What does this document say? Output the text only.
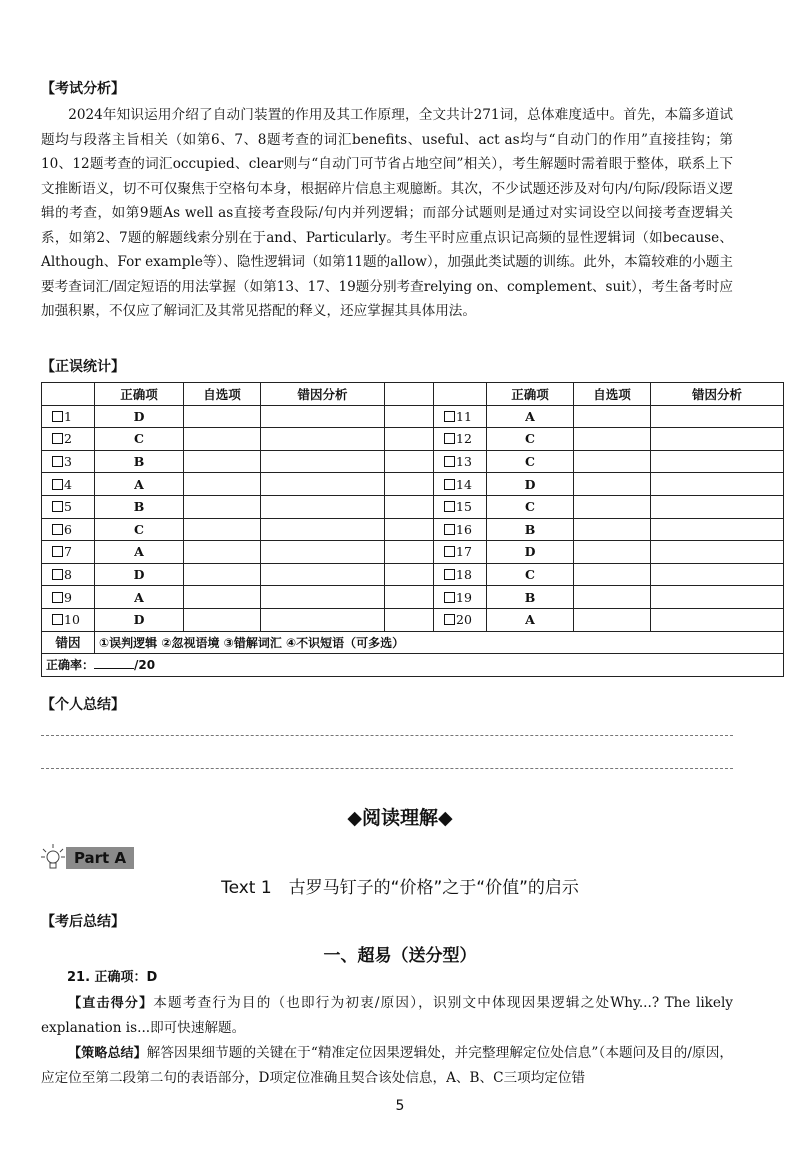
【考试分析】

2024年知识运用介绍了自动门装置的作用及其工作原理，全文共计271词，总体难度适中。首先，本篇多道试题均与段落主旨相关（如第6、7、8题考查的词汇benefits、useful、act as均与“自动门的作用”直接挂钩；第10、12题考查的词汇occupied、clear则与“自动门可节省占地空间”相关），考生解题时需着眼于整体，联系上下文推断语义，切不可仅聚焦于空格句本身，根据碎片信息主观臆断。其次，不少试题还涉及对句内/句际/段际语义逻辑的考查，如第9题As well as直接考查段际/句内并列逻辑；而部分试题则是通过对实词设空以间接考查逻辑关系，如第2、7题的解题线索分别在于and、Particularly。考生平时应重点识记高频的显性逻辑词（如because、Although、For example等）、隐性逻辑词（如第11题的allow），加强此类试题的训练。此外，本篇较难的小题主要考查词汇/固定短语的用法掌握（如第13、17、19题分别考查relying on、complement、suit），考生备考时应加强积累，不仅应了解词汇及其常见搭配的释义，还应掌握其具体用法。

【正误统计】
	正确项	自选项	错因分析			正确项	自选项	错因分析
1	D				11	A		
2	C				12	C		
3	B				13	C		
4	A				14	D		
5	B				15	C		
6	C				16	B		
7	A				17	D		
8	D				18	C		
9	A				19	B		
10	D				20	A		
错因	①误判逻辑 ②忽视语境 ③错解词汇 ④不识短语（可多选）							
正确率： /20								
【个人总结】
◆阅读理解◆
Part A
Text 1　古罗马钉子的“价格”之于“价值”的启示
【考后总结】
一、超易（送分型）
21. 正确项：D
【直击得分】本题考查行为目的（也即行为初衷/原因），识别文中体现因果逻辑之处Why...? The likely explanation is...即可快速解题。
【策略总结】解答因果细节题的关键在于“精准定位因果逻辑处，并完整理解定位处信息”（本题问及目的/原因，应定位至第二段第二句的表语部分，D项定位准确且契合该处信息，A、B、C三项均定位错
5
